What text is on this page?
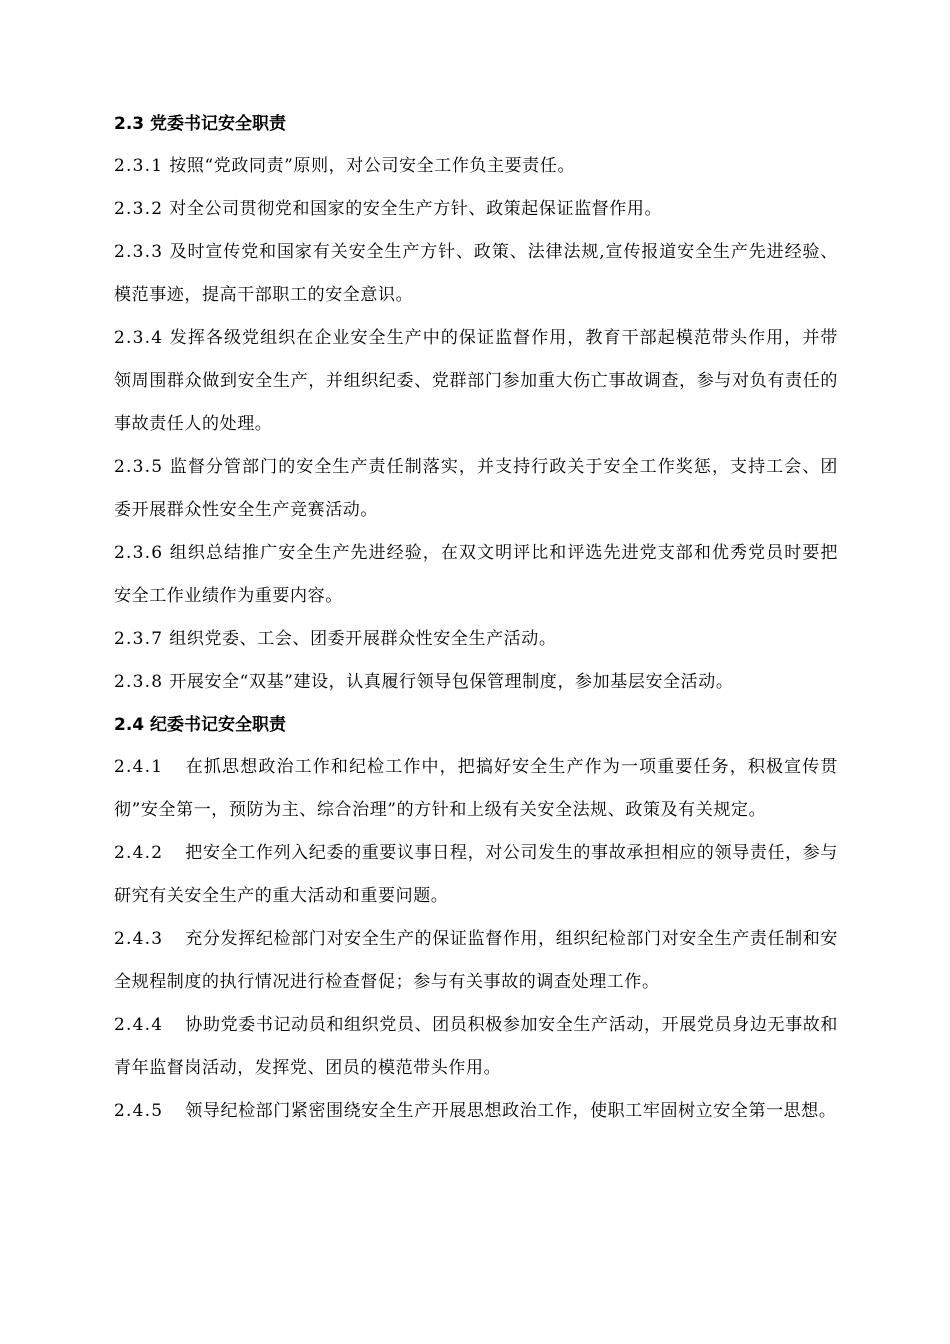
2.3 党委书记安全职责
2.3.1 按照“党政同责”原则，对公司安全工作负主要责任。
2.3.2 对全公司贯彻党和国家的安全生产方针、政策起保证监督作用。
2.3.3 及时宣传党和国家有关安全生产方针、政策、法律法规,宣传报道安全生产先进经验、模范事迹，提高干部职工的安全意识。
2.3.4 发挥各级党组织在企业安全生产中的保证监督作用，教育干部起模范带头作用，并带领周围群众做到安全生产，并组织纪委、党群部门参加重大伤亡事故调查，参与对负有责任的事故责任人的处理。
2.3.5 监督分管部门的安全生产责任制落实，并支持行政关于安全工作奖惩，支持工会、团委开展群众性安全生产竞赛活动。
2.3.6 组织总结推广安全生产先进经验，在双文明评比和评选先进党支部和优秀党员时要把安全工作业绩作为重要内容。
2.3.7 组织党委、工会、团委开展群众性安全生产活动。
2.3.8 开展安全“双基”建设，认真履行领导包保管理制度，参加基层安全活动。
2.4 纪委书记安全职责
2.4.1 在抓思想政治工作和纪检工作中，把搞好安全生产作为一项重要任务，积极宣传贯彻”安全第一，预防为主、综合治理”的方针和上级有关安全法规、政策及有关规定。
2.4.2 把安全工作列入纪委的重要议事日程，对公司发生的事故承担相应的领导责任，参与研究有关安全生产的重大活动和重要问题。
2.4.3 充分发挥纪检部门对安全生产的保证监督作用，组织纪检部门对安全生产责任制和安全规程制度的执行情况进行检查督促；参与有关事故的调查处理工作。
2.4.4 协助党委书记动员和组织党员、团员积极参加安全生产活动，开展党员身边无事故和青年监督岗活动，发挥党、团员的模范带头作用。
2.4.5 领导纪检部门紧密围绕安全生产开展思想政治工作，使职工牢固树立安全第一思想。
